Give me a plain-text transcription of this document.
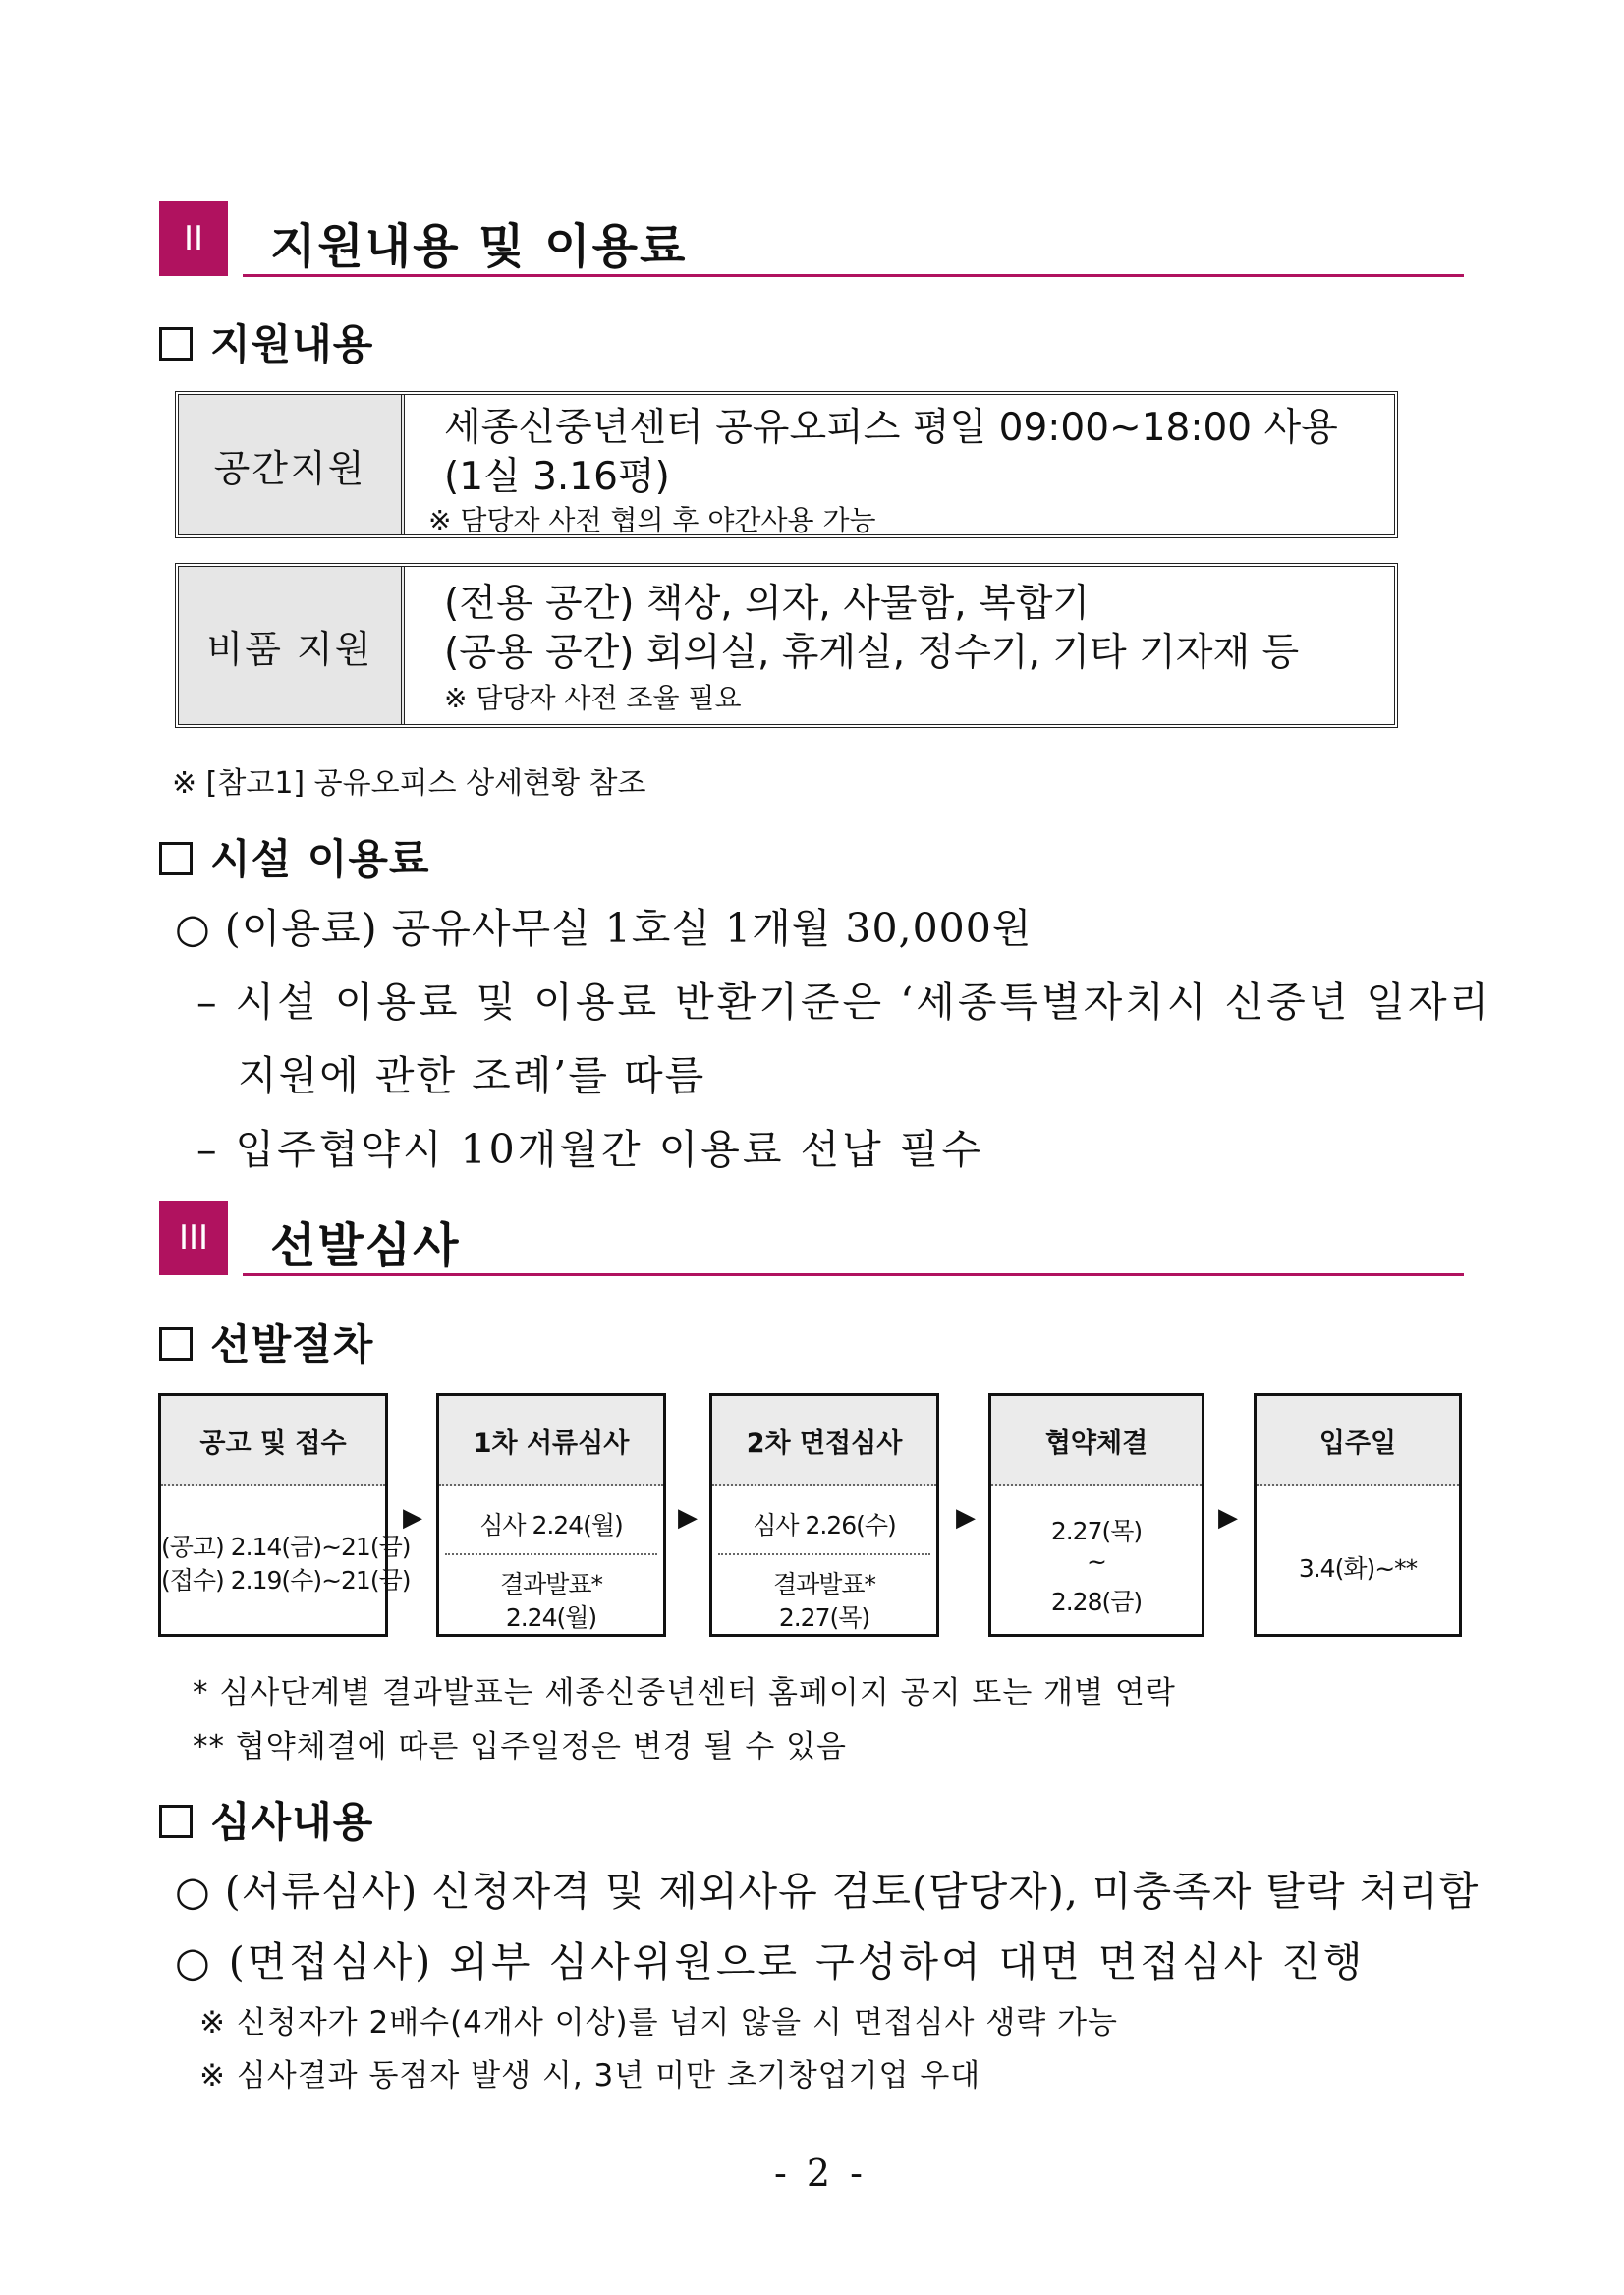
II	지원내용 및 이용료
지원내용
공간지원
세종신중년센터 공유오피스 평일 09:00~18:00 사용
(1실 3.16평)
※ 담당자 사전 협의 후 야간사용 가능
비품 지원
(전용 공간) 책상, 의자, 사물함, 복합기
(공용 공간) 회의실, 휴게실, 정수기, 기타 기자재 등
※ 담당자 사전 조율 필요
※ [참고1] 공유오피스 상세현황 참조
시설 이용료
○ (이용료) 공유사무실 1호실 1개월 30,000원
– 시설 이용료 및 이용료 반환기준은 ‘세종특별자치시 신중년 일자리
지원에 관한 조례’를 따름
– 입주협약시 10개월간 이용료 선납 필수
III	선발심사
선발절차
공고 및 접수
(공고) 2.14(금)~21(금)
(접수) 2.19(수)~21(금)
▶
1차 서류심사
심사 2.24(월)
결과발표*
2.24(월)
▶
2차 면접심사
심사 2.26(수)
결과발표*
2.27(목)
▶
협약체결
2.27(목)
~
2.28(금)
▶
입주일
3.4(화)~**
* 심사단계별 결과발표는 세종신중년센터 홈페이지 공지 또는 개별 연락
** 협약체결에 따른 입주일정은 변경 될 수 있음
심사내용
○ (서류심사) 신청자격 및 제외사유 검토(담당자), 미충족자 탈락 처리함
○ (면접심사) 외부 심사위원으로 구성하여 대면 면접심사 진행
※ 신청자가 2배수(4개사 이상)를 넘지 않을 시 면접심사 생략 가능
※ 심사결과 동점자 발생 시, 3년 미만 초기창업기업 우대
- 2 -
